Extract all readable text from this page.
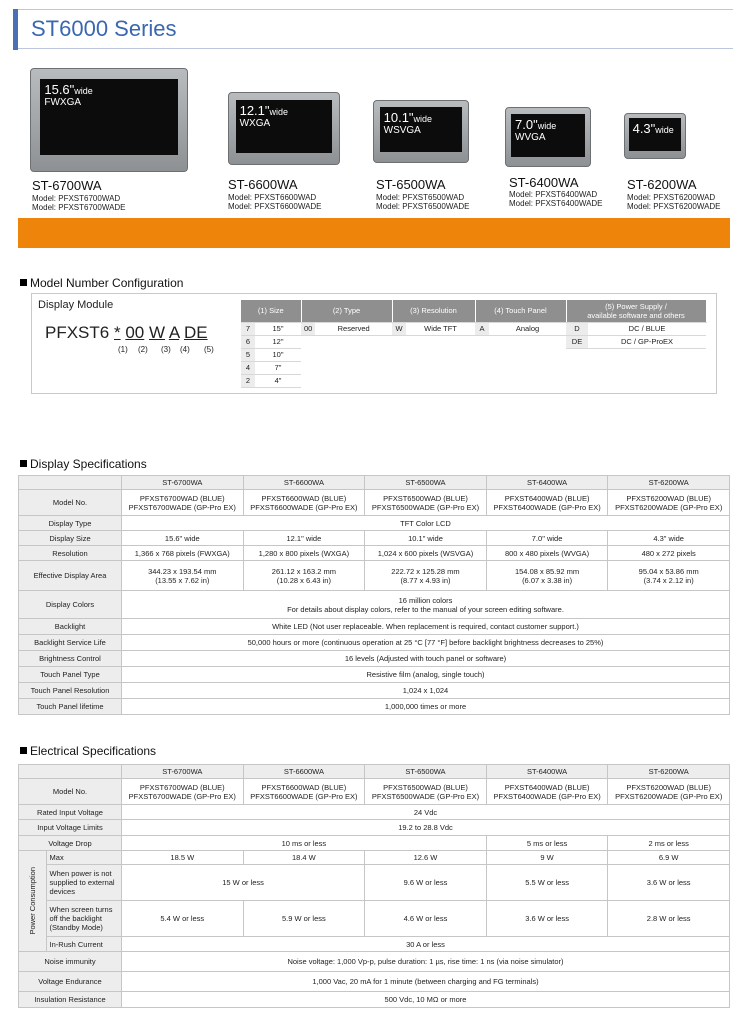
ST6000 Series
15.6"wide
FWXGA
ST-6700WA
Model: PFXST6700WAD
Model: PFXST6700WADE
12.1"wide
WXGA
ST-6600WA
Model: PFXST6600WAD
Model: PFXST6600WADE
10.1"wide
WSVGA
ST-6500WA
Model: PFXST6500WAD
Model: PFXST6500WADE
7.0"wide
WVGA
ST-6400WA
Model: PFXST6400WAD
Model: PFXST6400WADE
4.3"wide
ST-6200WA
Model: PFXST6200WAD
Model: PFXST6200WADE
Model Number Configuration
Display Module
PFXST6 * 00 W A DE
(1) (2) (3) (4) (5)
(1) Size		(2) Type		(3) Resolution		(4) Touch Panel		(5) Power Supply /
available software and others	
7	15"	00	Reserved	W	Wide TFT	A	Analog	D	DC / BLUE
6	12"							DE	DC / GP-ProEX
5	10"								
4	7"								
2	4"								
Display Specifications
	ST-6700WA	ST-6600WA	ST-6500WA	ST-6400WA	ST-6200WA
Model No.	PFXST6700WAD (BLUE)
PFXST6700WADE (GP-Pro EX)	PFXST6600WAD (BLUE)
PFXST6600WADE (GP-Pro EX)	PFXST6500WAD (BLUE)
PFXST6500WADE (GP-Pro EX)	PFXST6400WAD (BLUE)
PFXST6400WADE (GP-Pro EX)	PFXST6200WAD (BLUE)
PFXST6200WADE (GP-Pro EX)
Display Type	TFT Color LCD				
Display Size	15.6" wide	12.1" wide	10.1" wide	7.0" wide	4.3" wide
Resolution	1,366 x 768 pixels (FWXGA)	1,280 x 800 pixels (WXGA)	1,024 x 600 pixels (WSVGA)	800 x 480 pixels (WVGA)	480 x 272 pixels
Effective Display Area	344.23 x 193.54 mm
(13.55 x 7.62 in)	261.12 x 163.2 mm
(10.28 x 6.43 in)	222.72 x 125.28 mm
(8.77 x 4.93 in)	154.08 x 85.92 mm
(6.07 x 3.38 in)	95.04 x 53.86 mm
(3.74 x 2.12 in)
Display Colors	16 million colors
For details about display colors, refer to the manual of your screen editing software.				
Backlight	White LED (Not user replaceable. When replacement is required, contact customer support.)				
Backlight Service Life	50,000 hours or more (continuous operation at 25 °C [77 °F] before backlight brightness decreases to 25%)				
Brightness Control	16 levels (Adjusted with touch panel or software)				
Touch Panel Type	Resistive film (analog, single touch)				
Touch Panel Resolution	1,024 x 1,024				
Touch Panel lifetime	1,000,000 times or more				
Electrical Specifications
		ST-6700WA	ST-6600WA	ST-6500WA	ST-6400WA	ST-6200WA
Model No.		PFXST6700WAD (BLUE)
PFXST6700WADE (GP-Pro EX)	PFXST6600WAD (BLUE)
PFXST6600WADE (GP-Pro EX)	PFXST6500WAD (BLUE)
PFXST6500WADE (GP-Pro EX)	PFXST6400WAD (BLUE)
PFXST6400WADE (GP-Pro EX)	PFXST6200WAD (BLUE)
PFXST6200WADE (GP-Pro EX)
Rated Input Voltage		24 Vdc				
Input Voltage Limits		19.2 to 28.8 Vdc				
Voltage Drop		10 ms or less			5 ms or less	2 ms or less

Power Consumption	Max	18.5 W	18.4 W	12.6 W	9 W	6.9 W
	When power is not supplied to external devices	15 W or less		9.6 W or less	5.5 W or less	3.6 W or less
	When screen turns off the backlight (Standby Mode)	5.4 W or less	5.9 W or less	4.6 W or less	3.6 W or less	2.8 W or less
	In-Rush Current	30 A or less				
Noise immunity		Noise voltage: 1,000 Vp-p, pulse duration: 1 µs, rise time: 1 ns (via noise simulator)				
Voltage Endurance		1,000 Vac, 20 mA for 1 minute (between charging and FG terminals)				
Insulation Resistance		500 Vdc, 10 MΩ or more				
